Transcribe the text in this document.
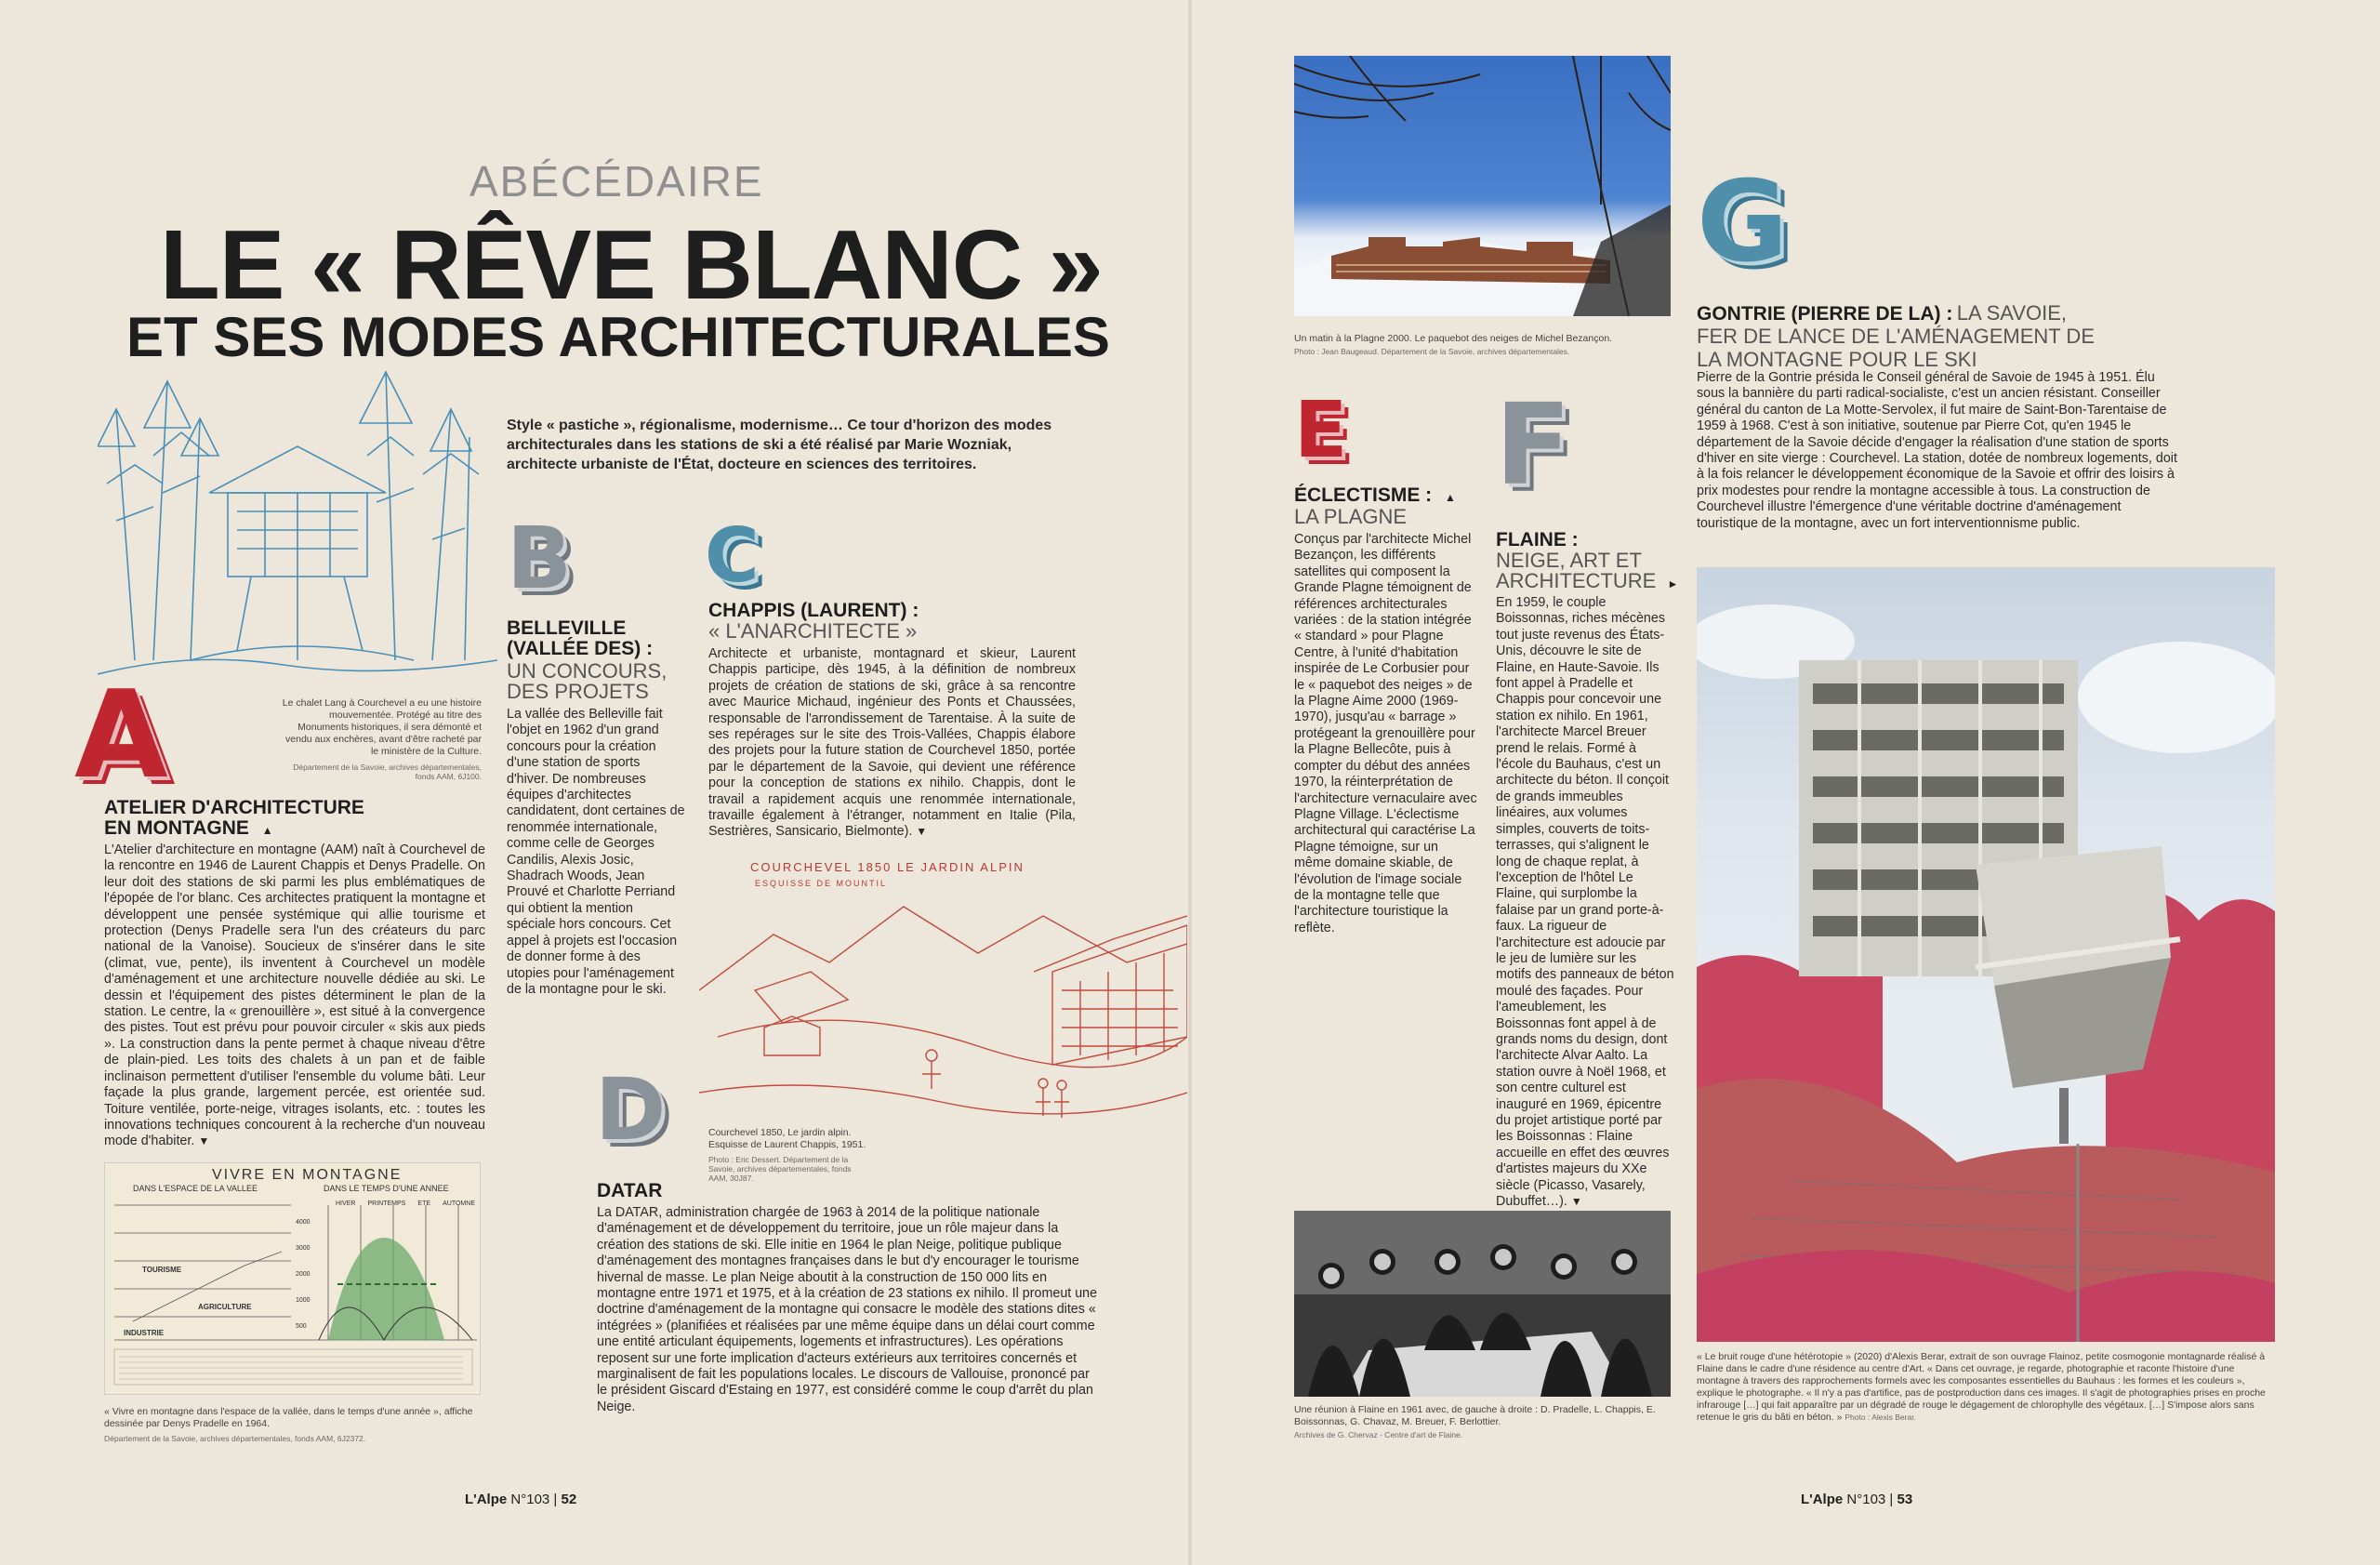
ABÉCÉDAIRE
LE « RÊVE BLANC »
ET SES MODES ARCHITECTURALES
Le chalet Lang à Courchevel a eu une histoire mouvementée. Protégé au titre des Monuments historiques, il sera démonté et vendu aux enchères, avant d'être racheté par le ministère de la Culture.
Département de la Savoie, archives départementales, fonds AAM, 6J100.
A
ATELIER D'ARCHITECTURE EN MONTAGNE ▲
L'Atelier d'architecture en montagne (AAM) naît à Courchevel de la rencontre en 1946 de Laurent Chappis et Denys Pradelle. On leur doit des stations de ski parmi les plus emblématiques de l'épopée de l'or blanc. Ces architectes pratiquent la montagne et développent une pensée systémique qui allie tourisme et protection (Denys Pradelle sera l'un des créateurs du parc national de la Vanoise). Soucieux de s'insérer dans le site (climat, vue, pente), ils inventent à Courchevel un modèle d'aménagement et une architecture nouvelle dédiée au ski. Le dessin et l'équipement des pistes déterminent le plan de la station. Le centre, la « grenouillère », est situé à la convergence des pistes. Tout est prévu pour pouvoir circuler « skis aux pieds ». La construction dans la pente permet à chaque niveau d'être de plain-pied. Les toits des chalets à un pan et de faible inclinaison permettent d'utiliser l'ensemble du volume bâti. Leur façade la plus grande, largement percée, est orientée sud. Toiture ventilée, porte-neige, vitrages isolants, etc. : toutes les innovations techniques concourent à la recherche d'un nouveau mode d'habiter. ▼
VIVRE EN MONTAGNE
DANS L'ESPACE DE LA VALLEE	DANS LE TEMPS D'UNE ANNEE
HIVER PRINTEMPS ETE AUTOMNE
4000
3000
2000
1000
500
TOURISME
AGRICULTURE
INDUSTRIE
« Vivre en montagne dans l'espace de la vallée, dans le temps d'une année », affiche dessinée par Denys Pradelle en 1964.
Département de la Savoie, archives départementales, fonds AAM, 6J2372.
Style « pastiche », régionalisme, modernisme… Ce tour d'horizon des modes architecturales dans les stations de ski a été réalisé par Marie Wozniak, architecte urbaniste de l'État, docteure en sciences des territoires.
B
BELLEVILLE (VALLÉE DES) :
UN CONCOURS, DES PROJETS
La vallée des Belleville fait l'objet en 1962 d'un grand concours pour la création d'une station de sports d'hiver. De nombreuses équipes d'architectes candidatent, dont certaines de renommée internationale, comme celle de Georges Candilis, Alexis Josic, Shadrach Woods, Jean Prouvé et Charlotte Perriand qui obtient la mention spéciale hors concours. Cet appel à projets est l'occasion de donner forme à des utopies pour l'aménagement de la montagne pour le ski.
C
CHAPPIS (LAURENT) :
« L'ANARCHITECTE »
Architecte et urbaniste, montagnard et skieur, Laurent Chappis participe, dès 1945, à la définition de nombreux projets de création de stations de ski, grâce à sa rencontre avec Maurice Michaud, ingénieur des Ponts et Chaussées, responsable de l'arrondissement de Tarentaise. À la suite de ses repérages sur le site des Trois-Vallées, Chappis élabore des projets pour la future station de Courchevel 1850, portée par le département de la Savoie, qui devient une référence pour la conception de stations ex nihilo. Chappis, dont le travail a rapidement acquis une renommée internationale, travaille également à l'étranger, notamment en Italie (Pila, Sestrières, Sansicario, Bielmonte). ▼
COURCHEVEL 1850 LE JARDIN ALPIN
ESQUISSE DE MOUNTIL
Courchevel 1850, Le jardin alpin. Esquisse de Laurent Chappis, 1951.
Photo : Eric Dessert. Département de la Savoie, archives départementales, fonds AAM, 30J87.
D
DATAR
La DATAR, administration chargée de 1963 à 2014 de la politique nationale d'aménagement et de développement du territoire, joue un rôle majeur dans la création des stations de ski. Elle initie en 1964 le plan Neige, politique publique d'aménagement des montagnes françaises dans le but d'y encourager le tourisme hivernal de masse. Le plan Neige aboutit à la construction de 150 000 lits en montagne entre 1971 et 1975, et à la création de 23 stations ex nihilo. Il promeut une doctrine d'aménagement de la montagne qui consacre le modèle des stations dites « intégrées » (planifiées et réalisées par une même équipe dans un délai court comme une entité articulant équipements, logements et infrastructures). Les opérations reposent sur une forte implication d'acteurs extérieurs aux territoires concernés et marginalisent de fait les populations locales. Le discours de Vallouise, prononcé par le président Giscard d'Estaing en 1977, est considéré comme le coup d'arrêt du plan Neige.
L'Alpe N°103 | 52
Un matin à la Plagne 2000. Le paquebot des neiges de Michel Bezançon.
Photo : Jean Baugeaud. Département de la Savoie, archives départementales.
E
ÉCLECTISME : ▲
LA PLAGNE
Conçus par l'architecte Michel Bezançon, les différents satellites qui composent la Grande Plagne témoignent de références architecturales variées : de la station intégrée « standard » pour Plagne Centre, à l'unité d'habitation inspirée de Le Corbusier pour le « paquebot des neiges » de la Plagne Aime 2000 (1969-1970), jusqu'au « barrage » protégeant la grenouillère pour la Plagne Bellecôte, puis à compter du début des années 1970, la réinterprétation de l'architecture vernaculaire avec Plagne Village. L'éclectisme architectural qui caractérise La Plagne témoigne, sur un même domaine skiable, de l'évolution de l'image sociale de la montagne telle que l'architecture touristique la reflète.
F
FLAINE :
NEIGE, ART ET ARCHITECTURE ►
En 1959, le couple Boissonnas, riches mécènes tout juste revenus des États-Unis, découvre le site de Flaine, en Haute-Savoie. Ils font appel à Pradelle et Chappis pour concevoir une station ex nihilo. En 1961, l'architecte Marcel Breuer prend le relais. Formé à l'école du Bauhaus, c'est un architecte du béton. Il conçoit de grands immeubles linéaires, aux volumes simples, couverts de toits-terrasses, qui s'alignent le long de chaque replat, à l'exception de l'hôtel Le Flaine, qui surplombe la falaise par un grand porte-à-faux. La rigueur de l'architecture est adoucie par le jeu de lumière sur les motifs des panneaux de béton moulé des façades. Pour l'ameublement, les Boissonnas font appel à de grands noms du design, dont l'architecte Alvar Aalto. La station ouvre à Noël 1968, et son centre culturel est inauguré en 1969, épicentre du projet artistique porté par les Boissonnas : Flaine accueille en effet des œuvres d'artistes majeurs du XXe siècle (Picasso, Vasarely, Dubuffet…). ▼
Une réunion à Flaine en 1961 avec, de gauche à droite : D. Pradelle, L. Chappis, E. Boissonnas, G. Chavaz, M. Breuer, F. Berlottier.
Archives de G. Chervaz - Centre d'art de Flaine.
G
GONTRIE (PIERRE DE LA) : LA SAVOIE, FER DE LANCE DE L'AMÉNAGEMENT DE LA MONTAGNE POUR LE SKI
Pierre de la Gontrie présida le Conseil général de Savoie de 1945 à 1951. Élu sous la bannière du parti radical-socialiste, c'est un ancien résistant. Conseiller général du canton de La Motte-Servolex, il fut maire de Saint-Bon-Tarentaise de 1959 à 1968. C'est à son initiative, soutenue par Pierre Cot, qu'en 1945 le département de la Savoie décide d'engager la réalisation d'une station de sports d'hiver en site vierge : Courchevel. La station, dotée de nombreux logements, doit à la fois relancer le développement économique de la Savoie et offrir des loisirs à prix modestes pour rendre la montagne accessible à tous. La construction de Courchevel illustre l'émergence d'une véritable doctrine d'aménagement touristique de la montagne, avec un fort interventionnisme public.
« Le bruit rouge d'une hétérotopie » (2020) d'Alexis Berar, extrait de son ouvrage Flainoz, petite cosmogonie montagnarde réalisé à Flaine dans le cadre d'une résidence au centre d'Art. « Dans cet ouvrage, je regarde, photographie et raconte l'histoire d'une montagne à travers des rapprochements formels avec les composantes essentielles du Bauhaus : les formes et les couleurs », explique le photographe. « Il n'y a pas d'artifice, pas de postproduction dans ces images. Il s'agit de photographies prises en proche infrarouge […] qui fait apparaître par un dégradé de rouge le dégagement de chlorophylle des végétaux. […] S'impose alors sans retenue le gris du bâti en béton. » Photo : Alexis Berar.
L'Alpe N°103 | 53
